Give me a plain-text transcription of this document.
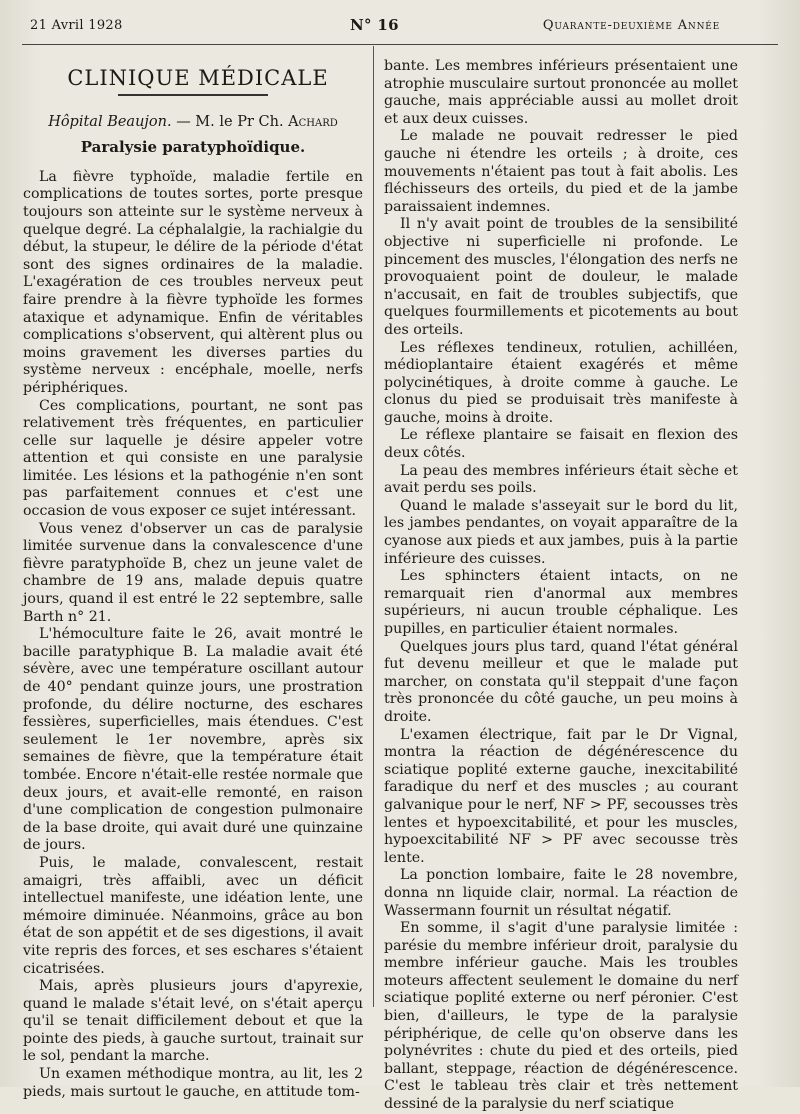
21 Avril 1928	N° 16	Quarante-deuxième Année
CLINIQUE MÉDICALE
Hôpital Beaujon. — M. le Pr Ch. Achard
Paralysie paratyphoïdique.

La fièvre typhoïde, maladie fertile en complications de toutes sortes, porte presque toujours son atteinte sur le système nerveux à quelque degré. La céphalalgie, la rachialgie du début, la stupeur, le délire de la période d'état sont des signes ordinaires de la maladie. L'exagération de ces troubles nerveux peut faire prendre à la fièvre typhoïde les formes ataxique et adynamique. Enfin de véritables complications s'observent, qui altèrent plus ou moins gravement les diverses parties du système nerveux : encéphale, moelle, nerfs périphériques.

Ces complications, pourtant, ne sont pas relativement très fréquentes, en particulier celle sur laquelle je désire appeler votre attention et qui consiste en une paralysie limitée. Les lésions et la pathogénie n'en sont pas parfaitement connues et c'est une occasion de vous exposer ce sujet intéressant.

Vous venez d'observer un cas de paralysie limitée survenue dans la convalescence d'une fièvre paratyphoïde B, chez un jeune valet de chambre de 19 ans, malade depuis quatre jours, quand il est entré le 22 septembre, salle Barth n° 21.

L'hémoculture faite le 26, avait montré le bacille paratyphique B. La maladie avait été sévère, avec une température oscillant autour de 40° pendant quinze jours, une prostration profonde, du délire nocturne, des eschares fessières, superficielles, mais étendues. C'est seulement le 1er novembre, après six semaines de fièvre, que la température était tombée. Encore n'était-elle restée normale que deux jours, et avait-elle remonté, en raison d'une complication de congestion pulmonaire de la base droite, qui avait duré une quinzaine de jours.

Puis, le malade, convalescent, restait amaigri, très affaibli, avec un déficit intellectuel manifeste, une idéation lente, une mémoire diminuée. Néanmoins, grâce au bon état de son appétit et de ses digestions, il avait vite repris des forces, et ses eschares s'étaient cicatrisées.

Mais, après plusieurs jours d'apyrexie, quand le malade s'était levé, on s'était aperçu qu'il se tenait difficilement debout et que la pointe des pieds, à gauche surtout, trainait sur le sol, pendant la marche.

Un examen méthodique montra, au lit, les 2 pieds, mais surtout le gauche, en attitude tom-

bante. Les membres inférieurs présentaient une atrophie musculaire surtout prononcée au mollet gauche, mais appréciable aussi au mollet droit et aux deux cuisses.

Le malade ne pouvait redresser le pied gauche ni étendre les orteils ; à droite, ces mouvements n'étaient pas tout à fait abolis. Les fléchisseurs des orteils, du pied et de la jambe paraissaient indemnes.

Il n'y avait point de troubles de la sensibilité objective ni superficielle ni profonde. Le pincement des muscles, l'élongation des nerfs ne provoquaient point de douleur, le malade n'accusait, en fait de troubles subjectifs, que quelques fourmillements et picotements au bout des orteils.

Les réflexes tendineux, rotulien, achilléen, médioplantaire étaient exagérés et même polycinétiques, à droite comme à gauche. Le clonus du pied se produisait très manifeste à gauche, moins à droite.

Le réflexe plantaire se faisait en flexion des deux côtés.

La peau des membres inférieurs était sèche et avait perdu ses poils.

Quand le malade s'asseyait sur le bord du lit, les jambes pendantes, on voyait apparaître de la cyanose aux pieds et aux jambes, puis à la partie inférieure des cuisses.

Les sphincters étaient intacts, on ne remarquait rien d'anormal aux membres supérieurs, ni aucun trouble céphalique. Les pupilles, en particulier étaient normales.

Quelques jours plus tard, quand l'état général fut devenu meilleur et que le malade put marcher, on constata qu'il steppait d'une façon très prononcée du côté gauche, un peu moins à droite.

L'examen électrique, fait par le Dr Vignal, montra la réaction de dégénérescence du sciatique poplité externe gauche, inexcitabilité faradique du nerf et des muscles ; au courant galvanique pour le nerf, NF > PF, secousses très lentes et hypoexcitabilité, et pour les muscles, hypoexcitabilité NF > PF avec secousse très lente.

La ponction lombaire, faite le 28 novembre, donna nn liquide clair, normal. La réaction de Wassermann fournit un résultat négatif.

En somme, il s'agit d'une paralysie limitée : parésie du membre inférieur droit, paralysie du membre inférieur gauche. Mais les troubles moteurs affectent seulement le domaine du nerf sciatique poplité externe ou nerf péronier. C'est bien, d'ailleurs, le type de la paralysie périphérique, de celle qu'on observe dans les polynévrites : chute du pied et des orteils, pied ballant, steppage, réaction de dégénérescence. C'est le tableau très clair et très nettement dessiné de la paralysie du nerf sciatique
